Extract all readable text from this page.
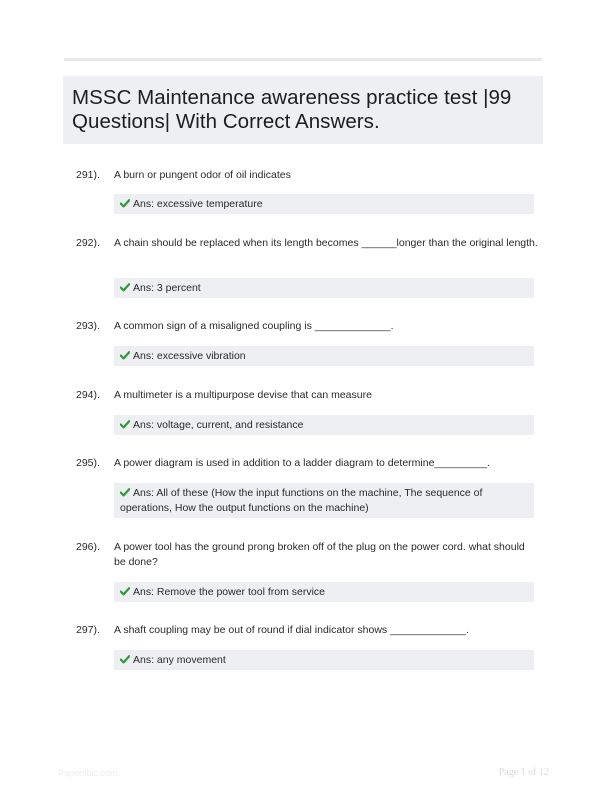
MSSC Maintenance awareness practice test |99 Questions| With Correct Answers.
291). A burn or pungent odor of oil indicates
Ans: excessive temperature
292). A chain should be replaced when its length becomes ______longer than the original length.
Ans: 3 percent
293). A common sign of a misaligned coupling is _____________.
Ans: excessive vibration
294). A multimeter is a multipurpose devise that can measure
Ans: voltage, current, and resistance
295). A power diagram is used in addition to a ladder diagram to determine_________.
Ans: All of these (How the input functions on the machine, The sequence of operations, How the output functions on the machine)
296). A power tool has the ground prong broken off of the plug on the power cord. what should be done?
Ans: Remove the power tool from service
297). A shaft coupling may be out of round if dial indicator shows _____________.
Ans: any movement
Papertibic.com	Page 1 of 12
